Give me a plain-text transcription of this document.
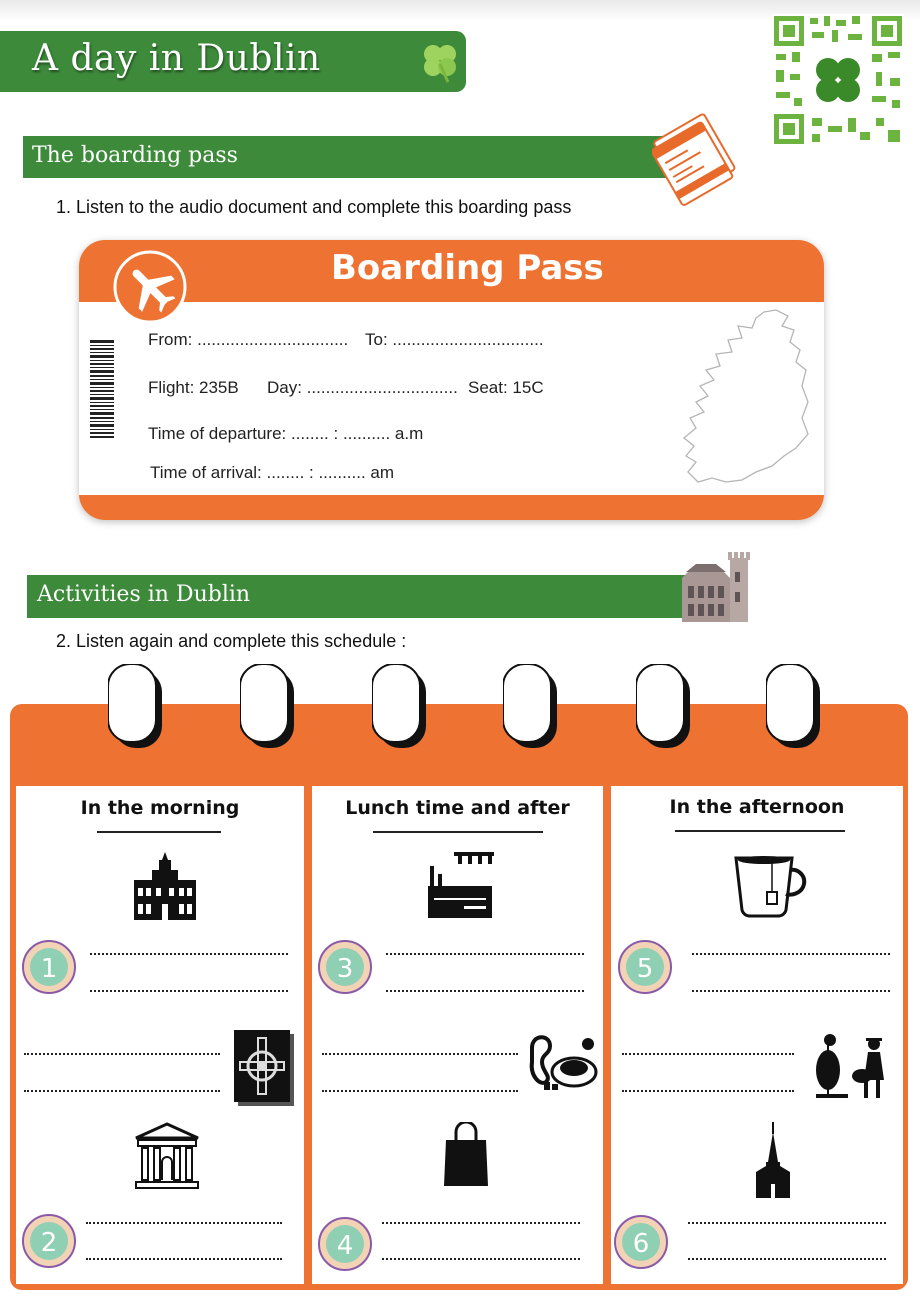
A day in Dublin
The boarding pass
1. Listen to the audio document and complete this boarding pass
Boarding Pass
From: ................................ To: ................................
Flight: 235B Day: ................................ Seat: 15C
Time of departure: ........ : .......... a.m
Time of arrival: ........ : .......... am
Activities in Dublin
2. Listen again and complete this schedule :
In the morning	Lunch time and after	In the afternoon
1
2
3
4
5
6
